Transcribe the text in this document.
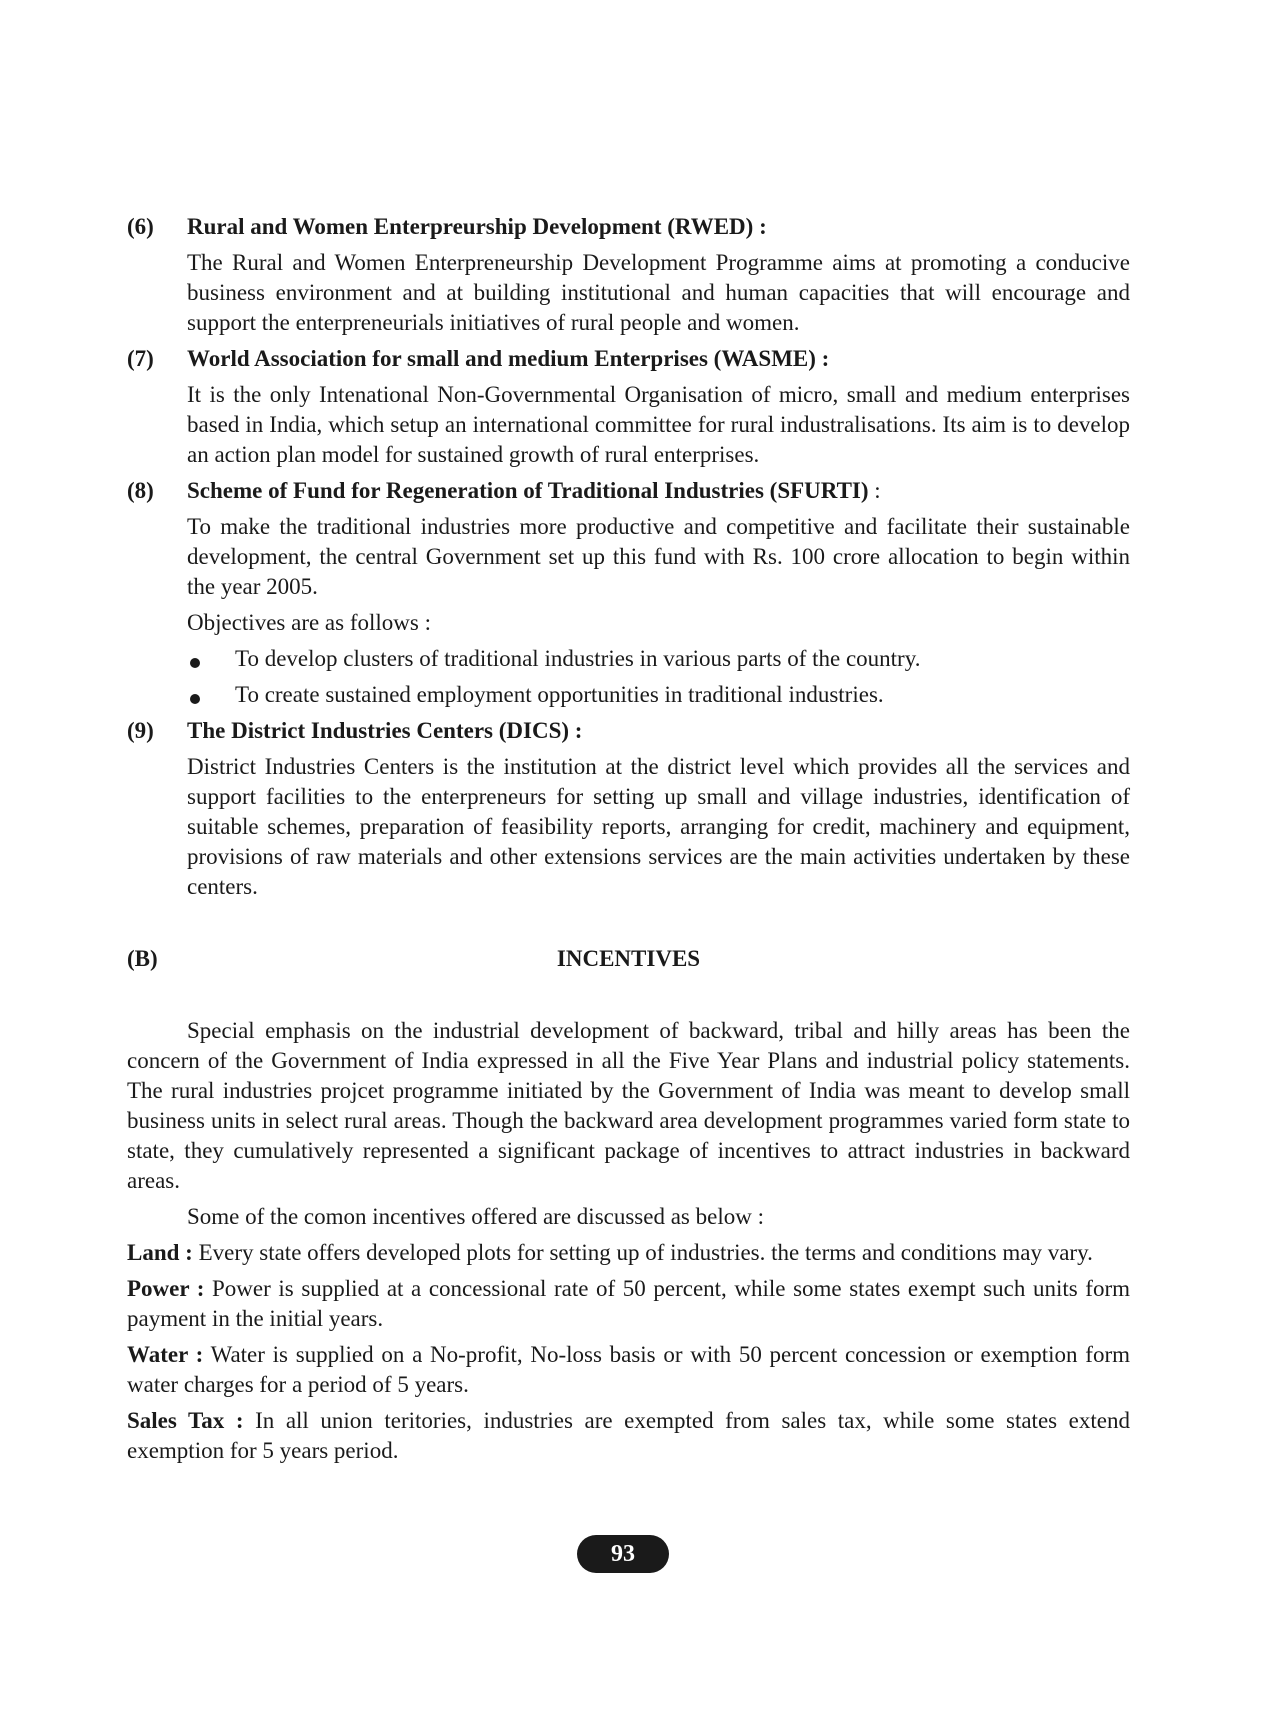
(6) Rural and Women Enterpreurship Development (RWED) :

The Rural and Women Enterpreneurship Development Programme aims at promoting a conducive business environment and at building institutional and human capacities that will encourage and support the enterpreneurials initiatives of rural people and women.

(7) World Association for small and medium Enterprises (WASME) :

It is the only Intenational Non-Governmental Organisation of micro, small and medium enterprises based in India, which setup an international committee for rural industralisations. Its aim is to develop an action plan model for sustained growth of rural enterprises.

(8) Scheme of Fund for Regeneration of Traditional Industries (SFURTI) :

To make the traditional industries more productive and competitive and facilitate their sustainable development, the central Government set up this fund with Rs. 100 crore allocation to begin within the year 2005.

Objectives are as follows :

To develop clusters of traditional industries in various parts of the country.
To create sustained employment opportunities in traditional industries.
(9) The District Industries Centers (DICS) :

District Industries Centers is the institution at the district level which provides all the services and support facilities to the enterpreneurs for setting up small and village industries, identification of suitable schemes, preparation of feasibility reports, arranging for credit, machinery and equipment, provisions of raw materials and other extensions services are the main activities undertaken by these centers.

(B)	INCENTIVES

Special emphasis on the industrial development of backward, tribal and hilly areas has been the concern of the Government of India expressed in all the Five Year Plans and industrial policy statements. The rural industries projcet programme initiated by the Government of India was meant to develop small business units in select rural areas. Though the backward area development programmes varied form state to state, they cumulatively represented a significant package of incentives to attract industries in backward areas.

Some of the comon incentives offered are discussed as below :

Land : Every state offers developed plots for setting up of industries. the terms and conditions may vary.

Power : Power is supplied at a concessional rate of 50 percent, while some states exempt such units form payment in the initial years.

Water : Water is supplied on a No-profit, No-loss basis or with 50 percent concession or exemption form water charges for a period of 5 years.

Sales Tax : In all union teritories, industries are exempted from sales tax, while some states extend exemption for 5 years period.

93
